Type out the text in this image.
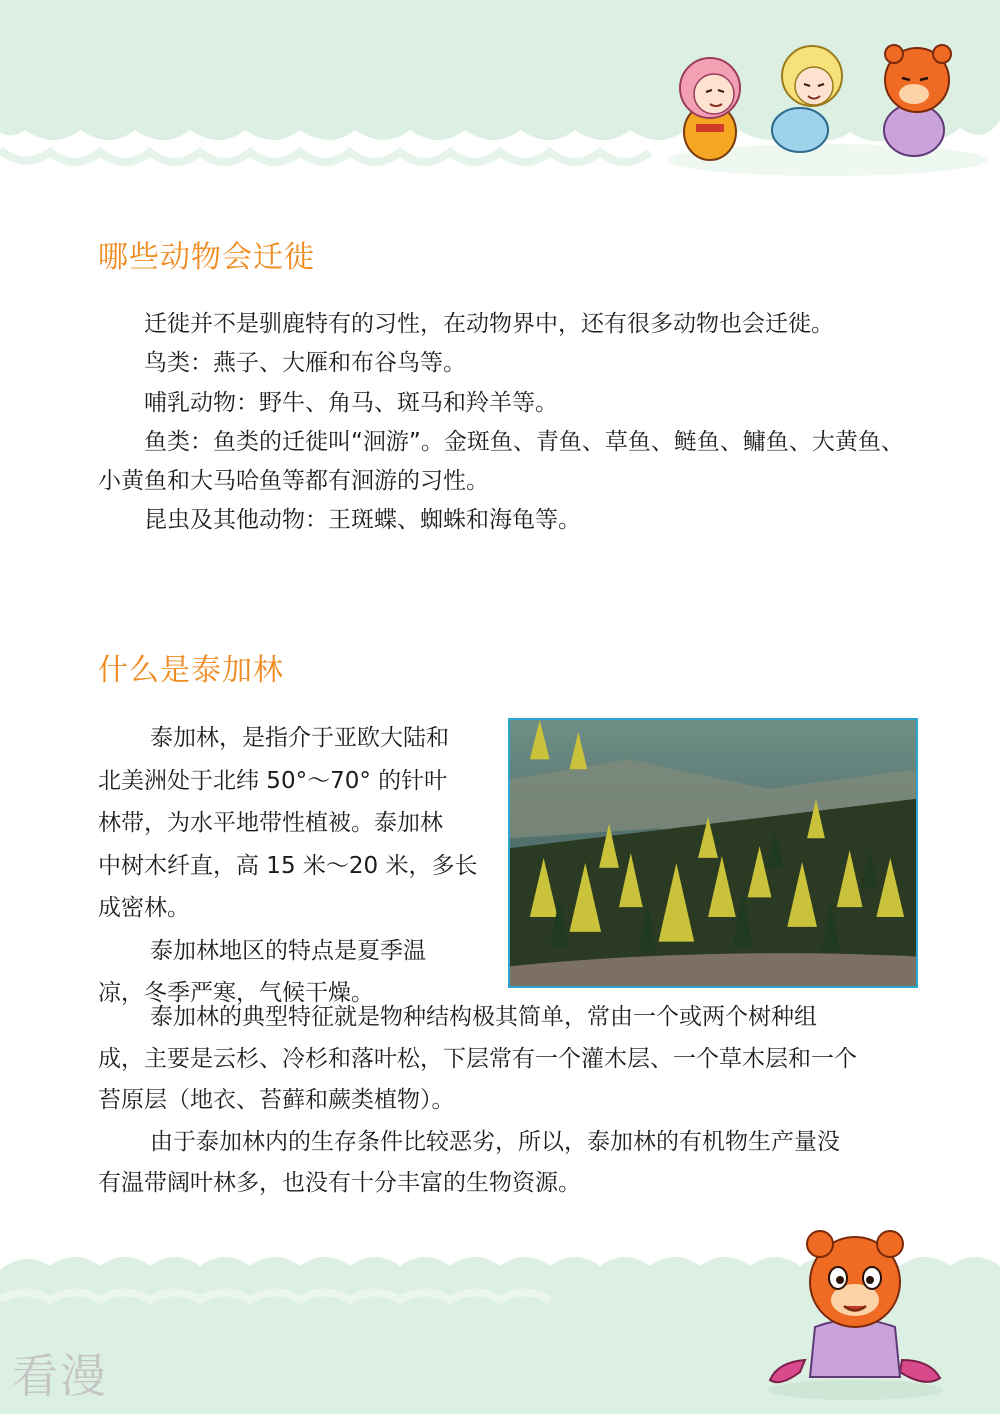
哪些动物会迁徙

迁徙并不是驯鹿特有的习性，在动物界中，还有很多动物也会迁徙。
鸟类：燕子、大雁和布谷鸟等。
哺乳动物：野牛、角马、斑马和羚羊等。
鱼类：鱼类的迁徙叫“洄游”。金斑鱼、青鱼、草鱼、鲢鱼、鳙鱼、大黄鱼、
小黄鱼和大马哈鱼等都有洄游的习性。
昆虫及其他动物：王斑蝶、蜘蛛和海龟等。

什么是泰加林

泰加林，是指介于亚欧大陆和
北美洲处于北纬 50°～70° 的针叶
林带，为水平地带性植被。泰加林
中树木纤直，高 15 米～20 米，多长
成密林。
泰加林地区的特点是夏季温
凉，冬季严寒，气候干燥。

泰加林的典型特征就是物种结构极其简单，常由一个或两个树种组
成，主要是云杉、冷杉和落叶松，下层常有一个灌木层、一个草木层和一个
苔原层（地衣、苔藓和蕨类植物）。
由于泰加林内的生存条件比较恶劣，所以，泰加林的有机物生产量没
有温带阔叶林多，也没有十分丰富的生物资源。

看漫
